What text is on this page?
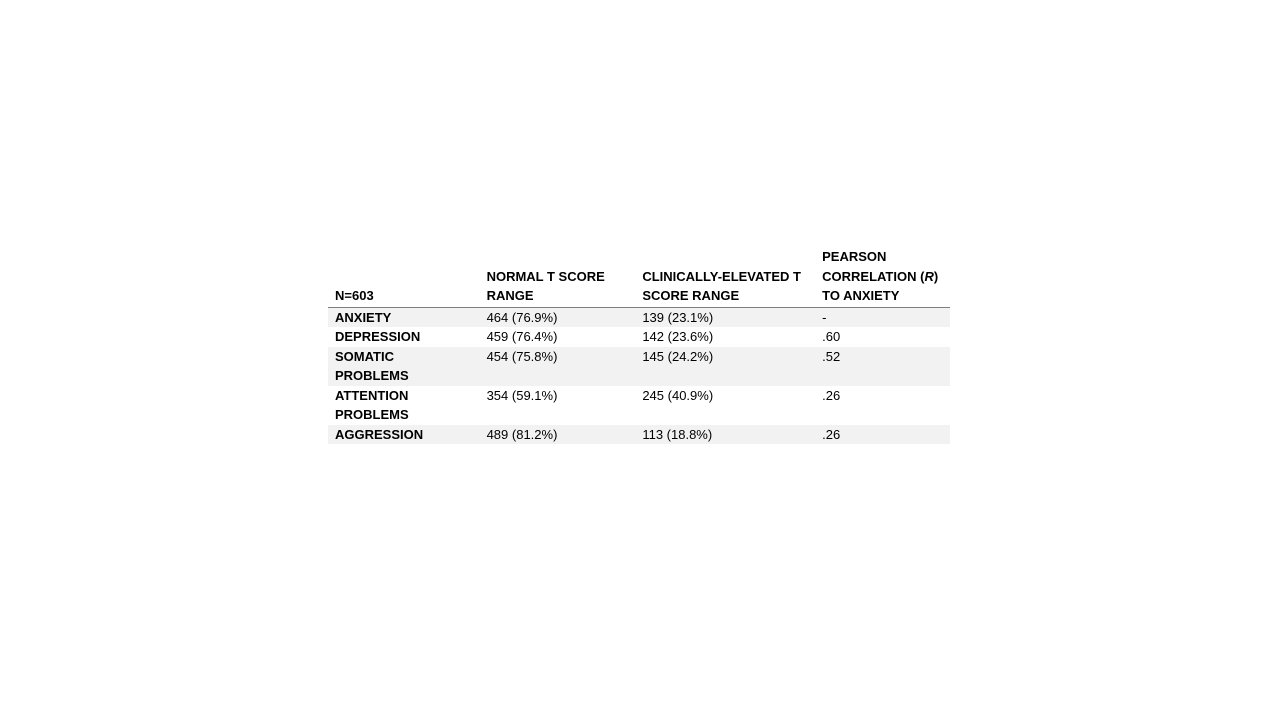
N=603	NORMAL T SCORE RANGE	CLINICALLY-ELEVATED T SCORE RANGE	PEARSON CORRELATION (R) TO ANXIETY

ANXIETY	464 (76.9%)	139 (23.1%)	-
DEPRESSION	459 (76.4%)	142 (23.6%)	.60

SOMATIC PROBLEMS	454 (75.8%)	145 (24.2%)	.52

ATTENTION PROBLEMS	354 (59.1%)	245 (40.9%)	.26
AGGRESSION	489 (81.2%)	113 (18.8%)	.26
